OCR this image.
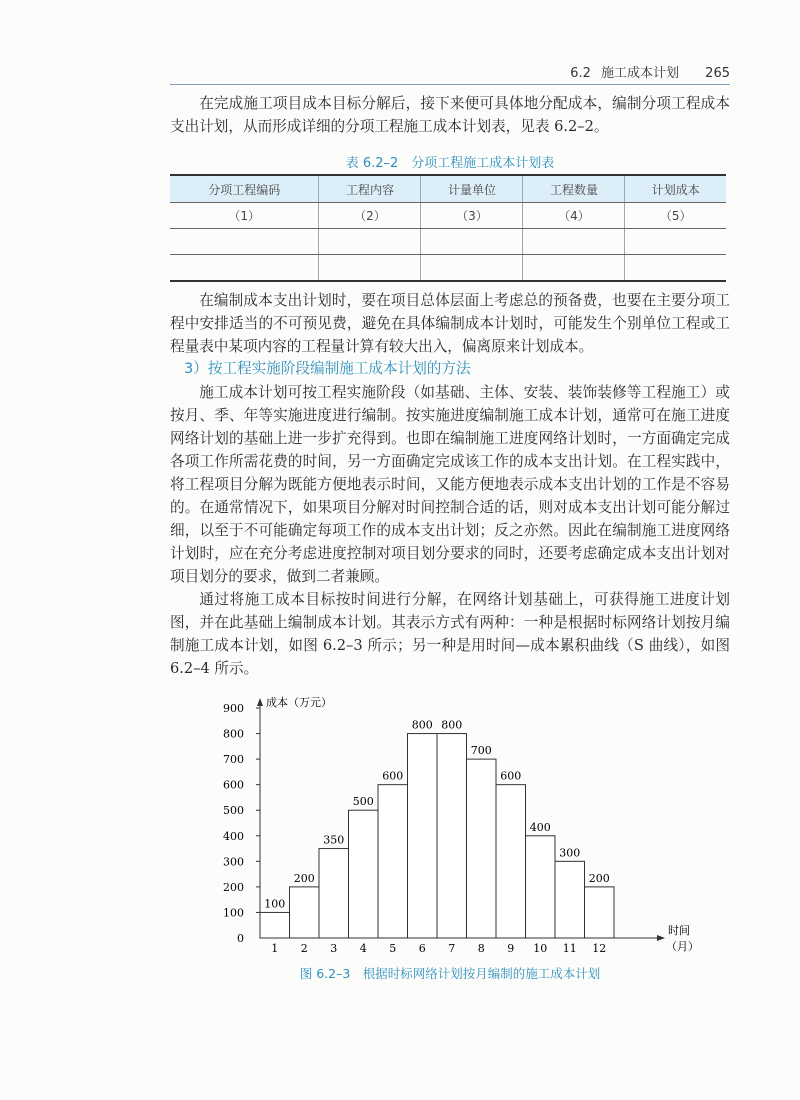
6.2 施工成本计划 265

在完成施工项目成本目标分解后，接下来便可具体地分配成本，编制分项工程成本支出计划，从而形成详细的分项工程施工成本计划表，见表 6.2–2。

表 6.2–2　分项工程施工成本计划表
分项工程编码	工程内容	计量单位	工程数量	计划成本
（1）	（2）	（3）	（4）	（5）

在编制成本支出计划时，要在项目总体层面上考虑总的预备费，也要在主要分项工程中安排适当的不可预见费，避免在具体编制成本计划时，可能发生个别单位工程或工程量表中某项内容的工程量计算有较大出入，偏离原来计划成本。

3）按工程实施阶段编制施工成本计划的方法

施工成本计划可按工程实施阶段（如基础、主体、安装、装饰装修等工程施工）或按月、季、年等实施进度进行编制。按实施进度编制施工成本计划，通常可在施工进度网络计划的基础上进一步扩充得到。也即在编制施工进度网络计划时，一方面确定完成各项工作所需花费的时间，另一方面确定完成该工作的成本支出计划。在工程实践中，将工程项目分解为既能方便地表示时间，又能方便地表示成本支出计划的工作是不容易的。在通常情况下，如果项目分解对时间控制合适的话，则对成本支出计划可能分解过细，以至于不可能确定每项工作的成本支出计划；反之亦然。因此在编制施工进度网络计划时，应在充分考虑进度控制对项目划分要求的同时，还要考虑确定成本支出计划对项目划分的要求，做到二者兼顾。

通过将施工成本目标按时间进行分解，在网络计划基础上，可获得施工进度计划图，并在此基础上编制成本计划。其表示方式有两种：一种是根据时标网络计划按月编制施工成本计划，如图 6.2–3 所示；另一种是用时间—成本累积曲线（S 曲线），如图 6.2–4 所示。

成本（万元）
时间
（月）
0
100
200
300
400
500
600
700
800
900
100
1
200
2
350
3
500
4
600
5
800
6
800
7
700
8
600
9
400
10
300
11
200
12
图 6.2–3　根据时标网络计划按月编制的施工成本计划
